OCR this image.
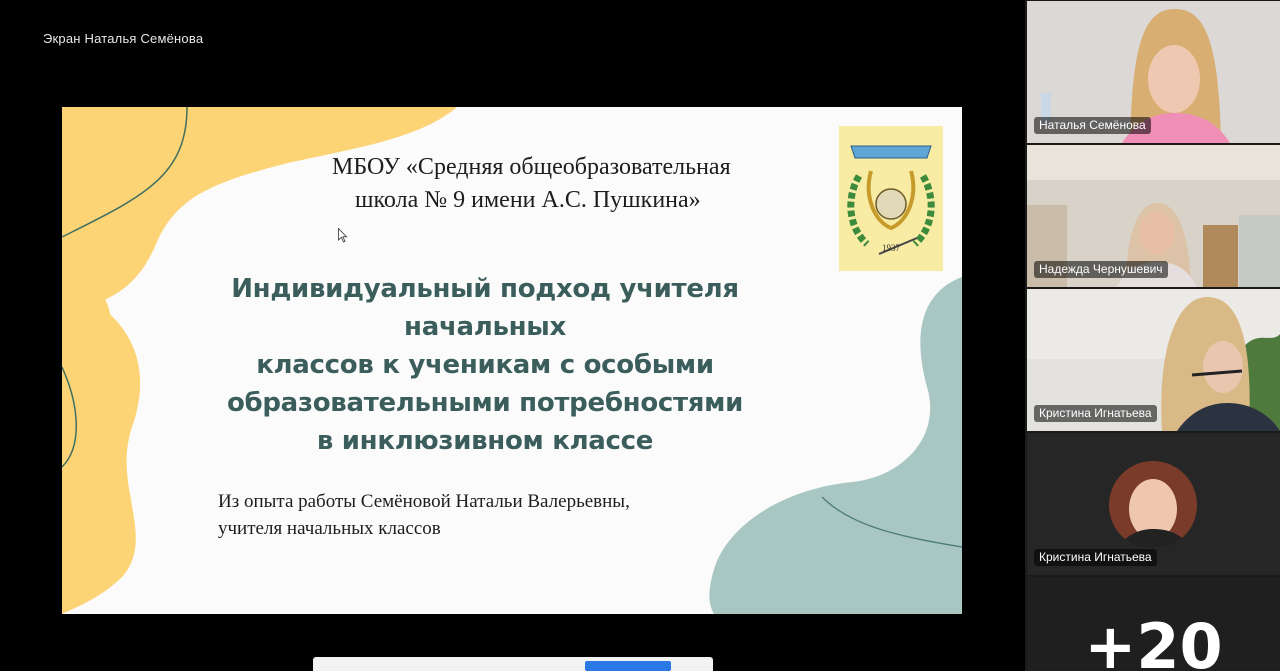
Экран Наталья Семёнова
МБОУ «Средняя общеобразовательная
школа № 9 имени А.С. Пушкина»
1937
Индивидуальный подход учителя начальных
классов к ученикам с особыми
образовательными потребностями
в инклюзивном классе
Из опыта работы Семёновой Натальи Валерьевны,
учителя начальных классов
Наталья Семёнова
Надежда Чернушевич
Кристина Игнатьева
Кристина Игнатьева
+20
